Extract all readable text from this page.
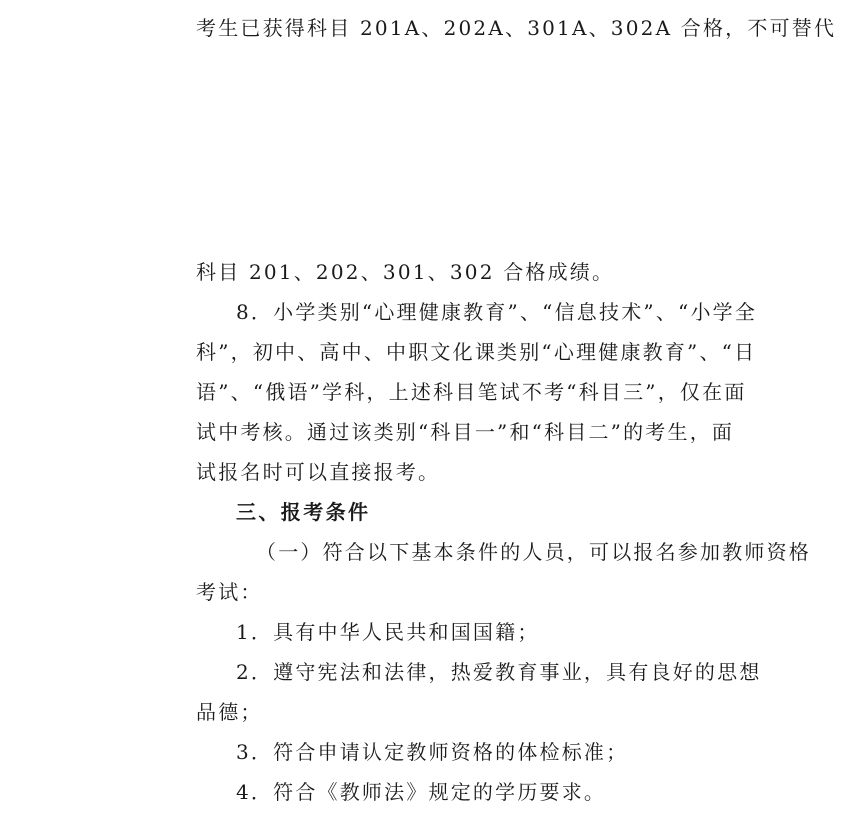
考生已获得科目 201A、202A、301A、302A 合格，不可替代
科目 201、202、301、302 合格成绩。
8．小学类别“心理健康教育”、“信息技术”、“小学全
科”，初中、高中、中职文化课类别“心理健康教育”、“日
语”、“俄语”学科，上述科目笔试不考“科目三”，仅在面
试中考核。通过该类别“科目一”和“科目二”的考生，面
试报名时可以直接报考。
三、报考条件
（一）符合以下基本条件的人员，可以报名参加教师资格
考试：
1．具有中华人民共和国国籍；
2．遵守宪法和法律，热爱教育事业，具有良好的思想
品德；
3．符合申请认定教师资格的体检标准；
4．符合《教师法》规定的学历要求。
